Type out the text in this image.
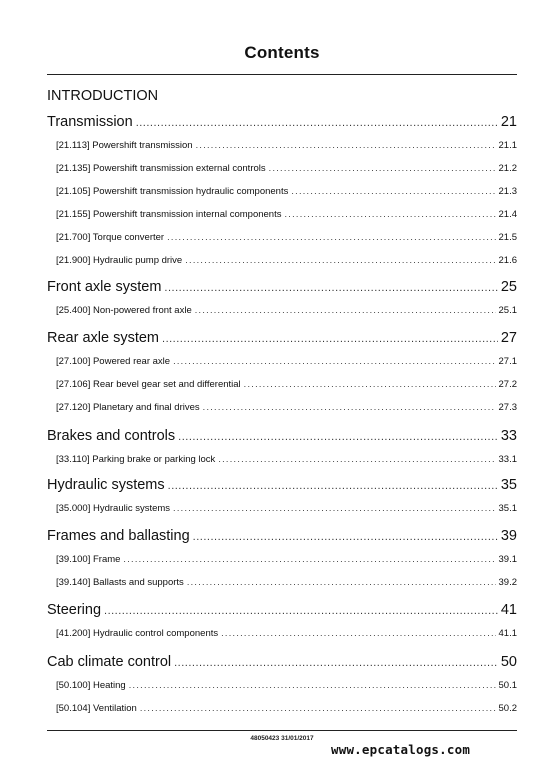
Contents
INTRODUCTION
Transmission .....	21
[21.113] Powershift transmission . . .	21.1
[21.135] Powershift transmission external controls . . .	21.2
[21.105] Powershift transmission hydraulic components . . .	21.3
[21.155] Powershift transmission internal components . . .	21.4
[21.700] Torque converter . . .	21.5
[21.900] Hydraulic pump drive . . .	21.6
Front axle system .....	25
[25.400] Non-powered front axle . . .	25.1
Rear axle system .....	27
[27.100] Powered rear axle . . .	27.1
[27.106] Rear bevel gear set and differential . . .	27.2
[27.120] Planetary and final drives . . .	27.3
Brakes and controls .....	33
[33.110] Parking brake or parking lock . . .	33.1
Hydraulic systems .....	35
[35.000] Hydraulic systems . . .	35.1
Frames and ballasting .....	39
[39.100] Frame . . .	39.1
[39.140] Ballasts and supports . . .	39.2
Steering .....	41
[41.200] Hydraulic control components . . .	41.1
Cab climate control .....	50
[50.100] Heating . . .	50.1
[50.104] Ventilation . . .	50.2
48050423 31/01/2017
www.epcatalogs.com
